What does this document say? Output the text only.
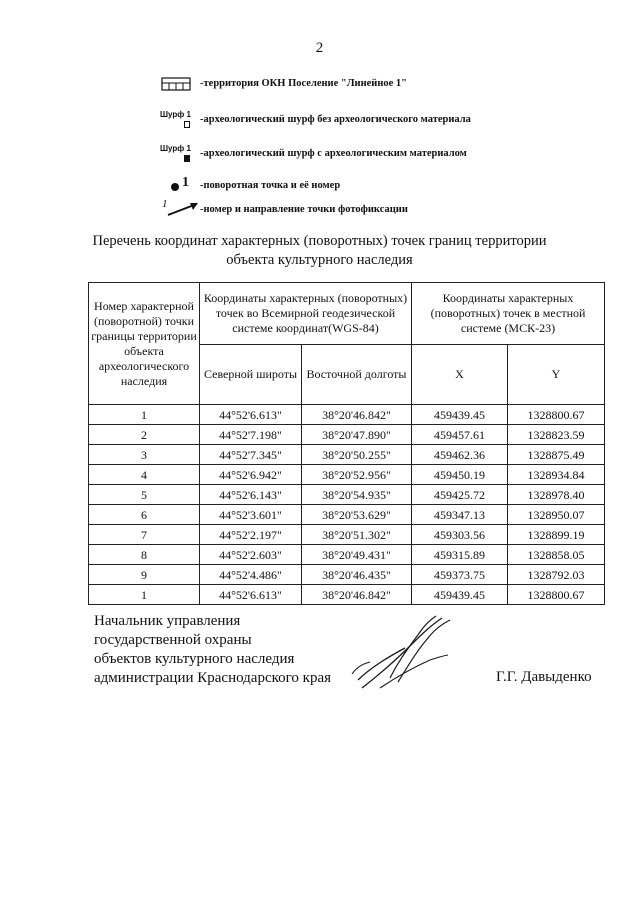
2
-территория ОКН Поселение "Линейное 1"
Шурф 1 -археологический шурф без археологического материала
Шурф 1 -археологический шурф с археологическим материалом
1 -поворотная точка и её номер
1	-номер и направление точки фотофиксации
Перечень координат характерных (поворотных) точек границ территории
объекта культурного наследия
Номер характерной (поворотной) точки границы территории объекта археологического наследия	Координаты характерных (поворотных) точек во Всемирной геодезической системе координат(WGS-84)		Координаты характерных (поворотных) точек в местной системе (МСК-23)	
	Северной широты	Восточной долготы	X	Y
1	44°52'6.613"	38°20'46.842"	459439.45	1328800.67
2	44°52'7.198"	38°20'47.890"	459457.61	1328823.59
3	44°52'7.345"	38°20'50.255"	459462.36	1328875.49
4	44°52'6.942"	38°20'52.956"	459450.19	1328934.84
5	44°52'6.143"	38°20'54.935"	459425.72	1328978.40
6	44°52'3.601"	38°20'53.629"	459347.13	1328950.07
7	44°52'2.197"	38°20'51.302"	459303.56	1328899.19
8	44°52'2.603"	38°20'49.431"	459315.89	1328858.05
9	44°52'4.486"	38°20'46.435"	459373.75	1328792.03
1	44°52'6.613"	38°20'46.842"	459439.45	1328800.67
Начальник управления
государственной охраны
объектов культурного наследия
администрации Краснодарского края	Г.Г. Давыденко
